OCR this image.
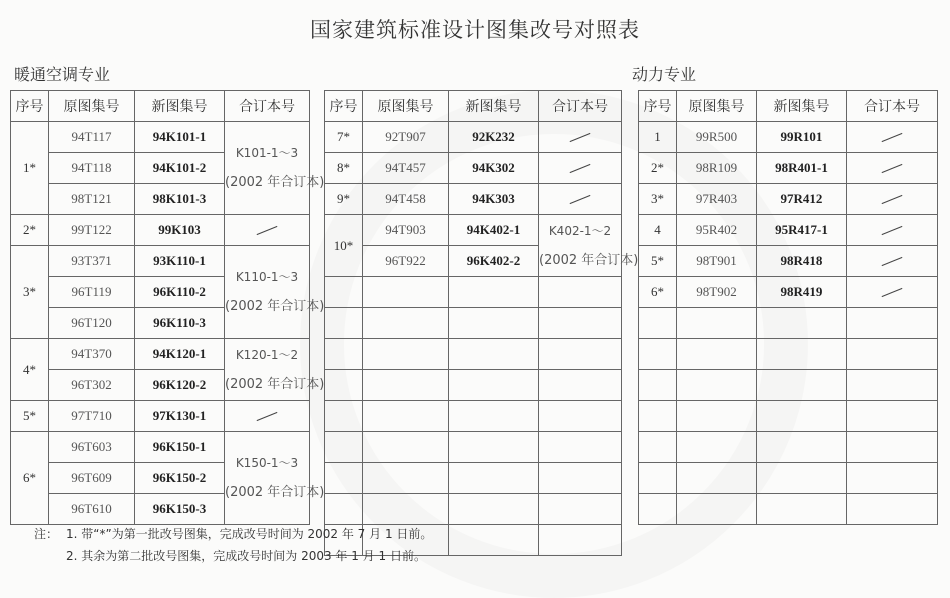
国家建筑标准设计图集改号对照表
暖通空调专业	动力专业
序号	原图集号	新图集号	合订本号
1*	94T117	94K101-1	K101-1～3
(2002 年合订本)
	94T118	94K101-2	
	98T121	98K101-3	
2*	99T122	99K103	
3*	93T371	93K110-1	K110-1～3
(2002 年合订本)
	96T119	96K110-2	
	96T120	96K110-3	
4*	94T370	94K120-1	K120-1～2
(2002 年合订本)
	96T302	96K120-2	
5*	97T710	97K130-1	
6*	96T603	96K150-1	K150-1～3
(2002 年合订本)
	96T609	96K150-2	
	96T610	96K150-3	
序号	原图集号	新图集号	合订本号
7*	92T907	92K232	
8*	94T457	94K302	
9*	94T458	94K303	
10*	94T903	94K402-1	K402-1～2
(2002 年合订本)
	96T922	96K402-2	

序号	原图集号	新图集号	合订本号
1	99R500	99R101	
2*	98R109	98R401-1	
3*	97R403	97R412	
4	95R402	95R417-1	
5*	98T901	98R418	
6*	98T902	98R419	

注： 1. 带“*”为第一批改号图集，完成改号时间为 2002 年 7 月 1 日前。
2. 其余为第二批改号图集，完成改号时间为 2003 年 1 月 1 日前。
